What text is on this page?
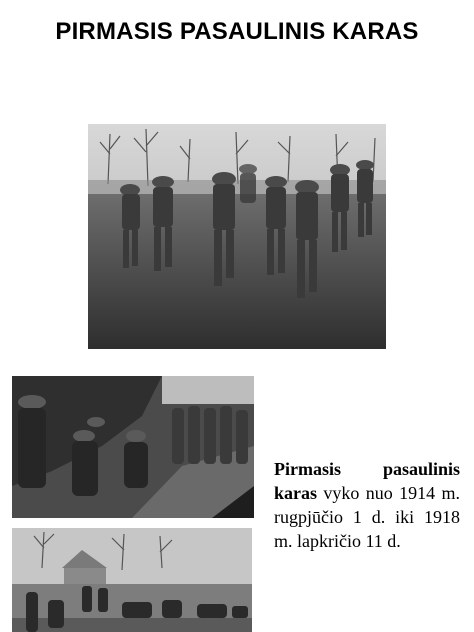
PIRMASIS PASAULINIS KARAS
Pirmasis pasaulinis karas vyko nuo 1914 m. rugpjūčio 1 d. iki 1918 m. lapkričio 11 d.
